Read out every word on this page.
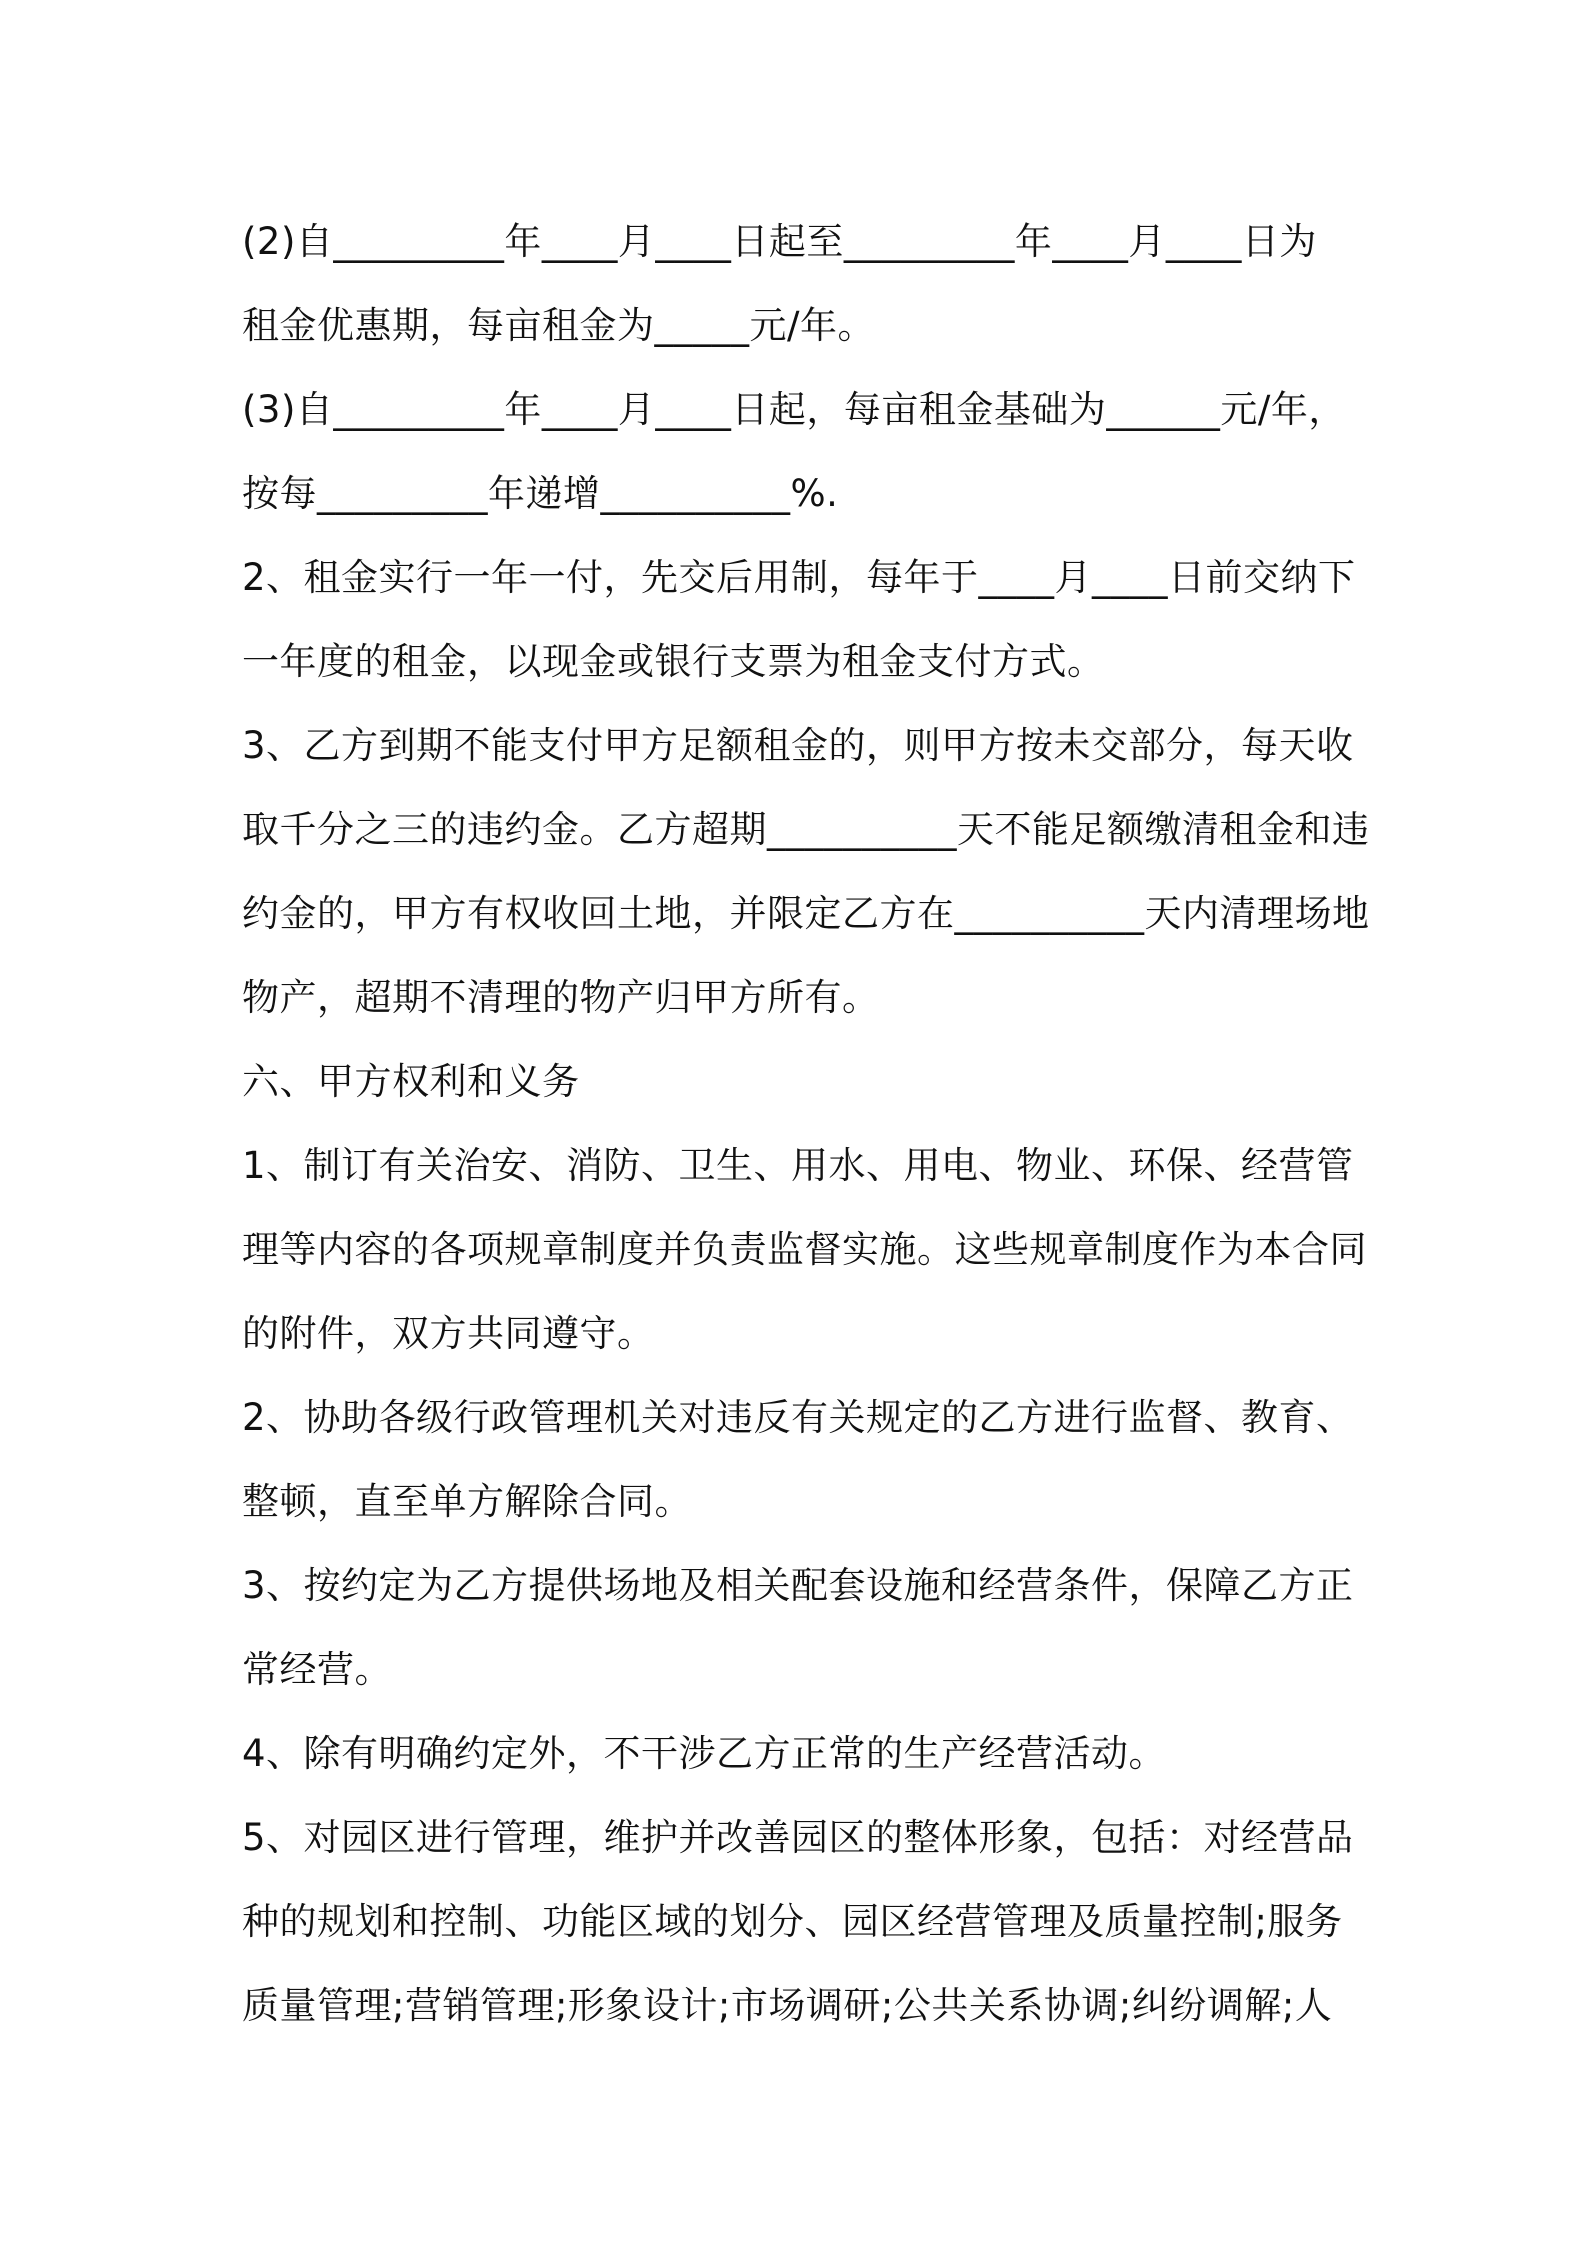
(2)自_________年____月____日起至_________年____月____日为
租金优惠期，每亩租金为_____元/年。
(3)自_________年____月____日起，每亩租金基础为______元/年，
按每_________年递增__________%.
2、租金实行一年一付，先交后用制，每年于____月____日前交纳下
一年度的租金，以现金或银行支票为租金支付方式。
3、乙方到期不能支付甲方足额租金的，则甲方按未交部分，每天收
取千分之三的违约金。乙方超期__________天不能足额缴清租金和违
约金的，甲方有权收回土地，并限定乙方在__________天内清理场地
物产，超期不清理的物产归甲方所有。
六、甲方权利和义务
1、制订有关治安、消防、卫生、用水、用电、物业、环保、经营管
理等内容的各项规章制度并负责监督实施。这些规章制度作为本合同
的附件，双方共同遵守。
2、协助各级行政管理机关对违反有关规定的乙方进行监督、教育、
整顿，直至单方解除合同。
3、按约定为乙方提供场地及相关配套设施和经营条件，保障乙方正
常经营。
4、除有明确约定外，不干涉乙方正常的生产经营活动。
5、对园区进行管理，维护并改善园区的整体形象，包括：对经营品
种的规划和控制、功能区域的划分、园区经营管理及质量控制;服务
质量管理;营销管理;形象设计;市场调研;公共关系协调;纠纷调解;人
